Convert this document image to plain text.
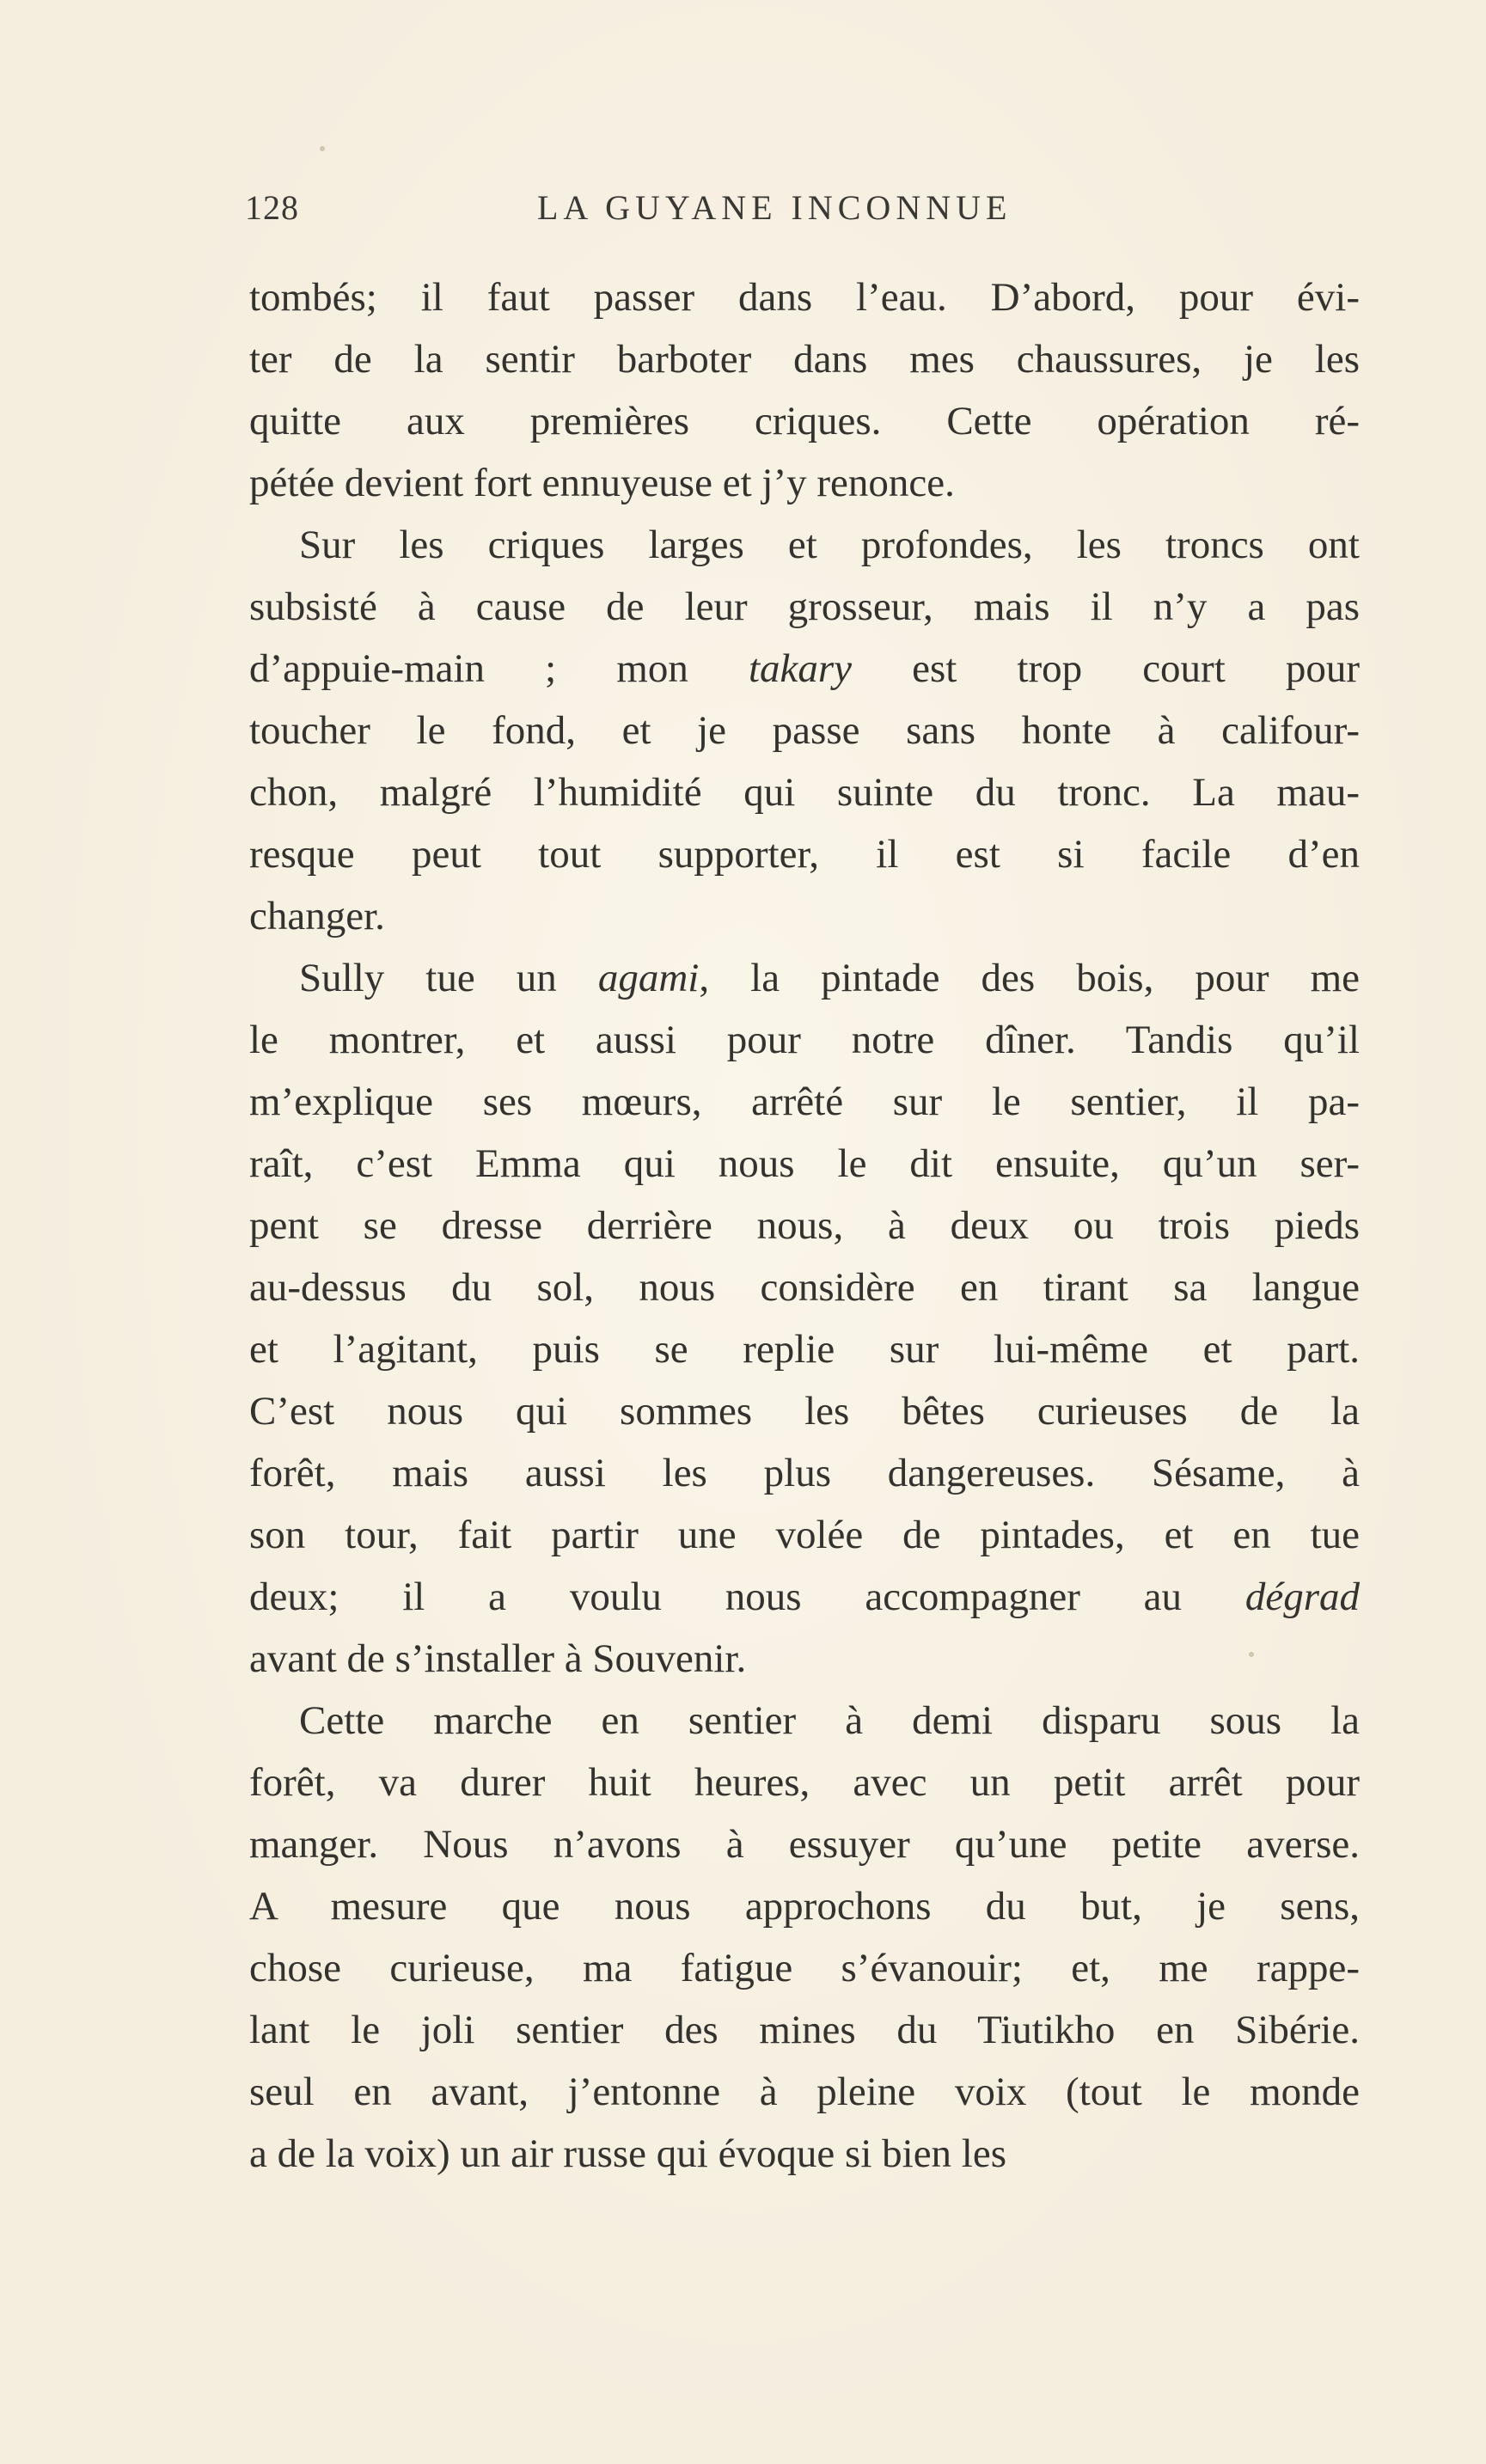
128	LA GUYANE INCONNUE
tombés; il faut passer dans l’eau. D’abord, pour évi-
ter de la sentir barboter dans mes chaussures, je les
quitte aux premières criques. Cette opération ré-
pétée devient fort ennuyeuse et j’y renonce.
Sur les criques larges et profondes, les troncs ont
subsisté à cause de leur grosseur, mais il n’y a pas
d’appuie-main ; mon takary est trop court pour
toucher le fond, et je passe sans honte à califour-
chon, malgré l’humidité qui suinte du tronc. La mau-
resque peut tout supporter, il est si facile d’en
changer.
Sully tue un agami, la pintade des bois, pour me
le montrer, et aussi pour notre dîner. Tandis qu’il
m’explique ses mœurs, arrêté sur le sentier, il pa-
raît, c’est Emma qui nous le dit ensuite, qu’un ser-
pent se dresse derrière nous, à deux ou trois pieds
au-dessus du sol, nous considère en tirant sa langue
et l’agitant, puis se replie sur lui-même et part.
C’est nous qui sommes les bêtes curieuses de la
forêt, mais aussi les plus dangereuses. Sésame, à
son tour, fait partir une volée de pintades, et en tue
deux; il a voulu nous accompagner au dégrad
avant de s’installer à Souvenir.
Cette marche en sentier à demi disparu sous la
forêt, va durer huit heures, avec un petit arrêt pour
manger. Nous n’avons à essuyer qu’une petite averse.
A mesure que nous approchons du but, je sens,
chose curieuse, ma fatigue s’évanouir; et, me rappe-
lant le joli sentier des mines du Tiutikho en Sibérie.
seul en avant, j’entonne à pleine voix (tout le monde
a de la voix) un air russe qui évoque si bien les
